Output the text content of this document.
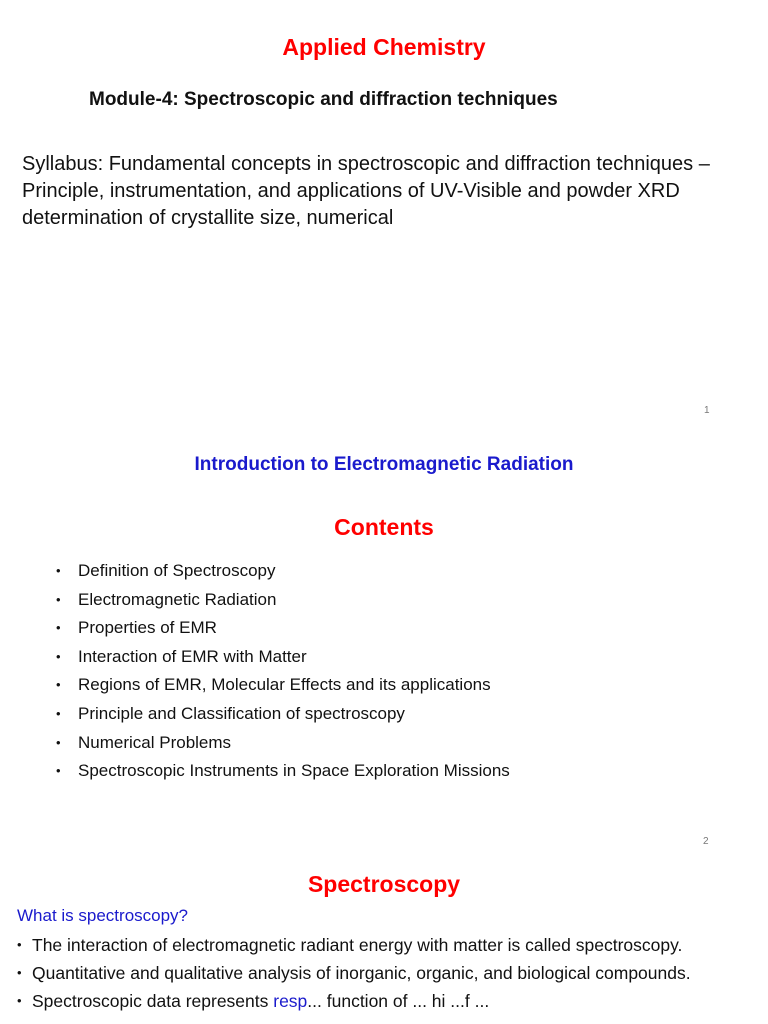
Applied Chemistry
Module-4: Spectroscopic and diffraction techniques

Syllabus: Fundamental concepts in spectroscopic and diffraction techniques – Principle, instrumentation, and applications of UV-Visible and powder XRD determination of crystallite size, numerical

1
Introduction to Electromagnetic Radiation
Contents
•	Definition of Spectroscopy
•	Electromagnetic Radiation
•	Properties of EMR
•	Interaction of EMR with Matter
•	Regions of EMR, Molecular Effects and its applications
•	Principle and Classification of spectroscopy
•	Numerical Problems
•	Spectroscopic Instruments in Space Exploration Missions
2
Spectroscopy
What is spectroscopy?
• The interaction of electromagnetic radiant energy with matter is called spectroscopy.
• Quantitative and qualitative analysis of inorganic, organic, and biological compounds.
• Spectroscopic data represents resp... function of ... hi ...f ...
